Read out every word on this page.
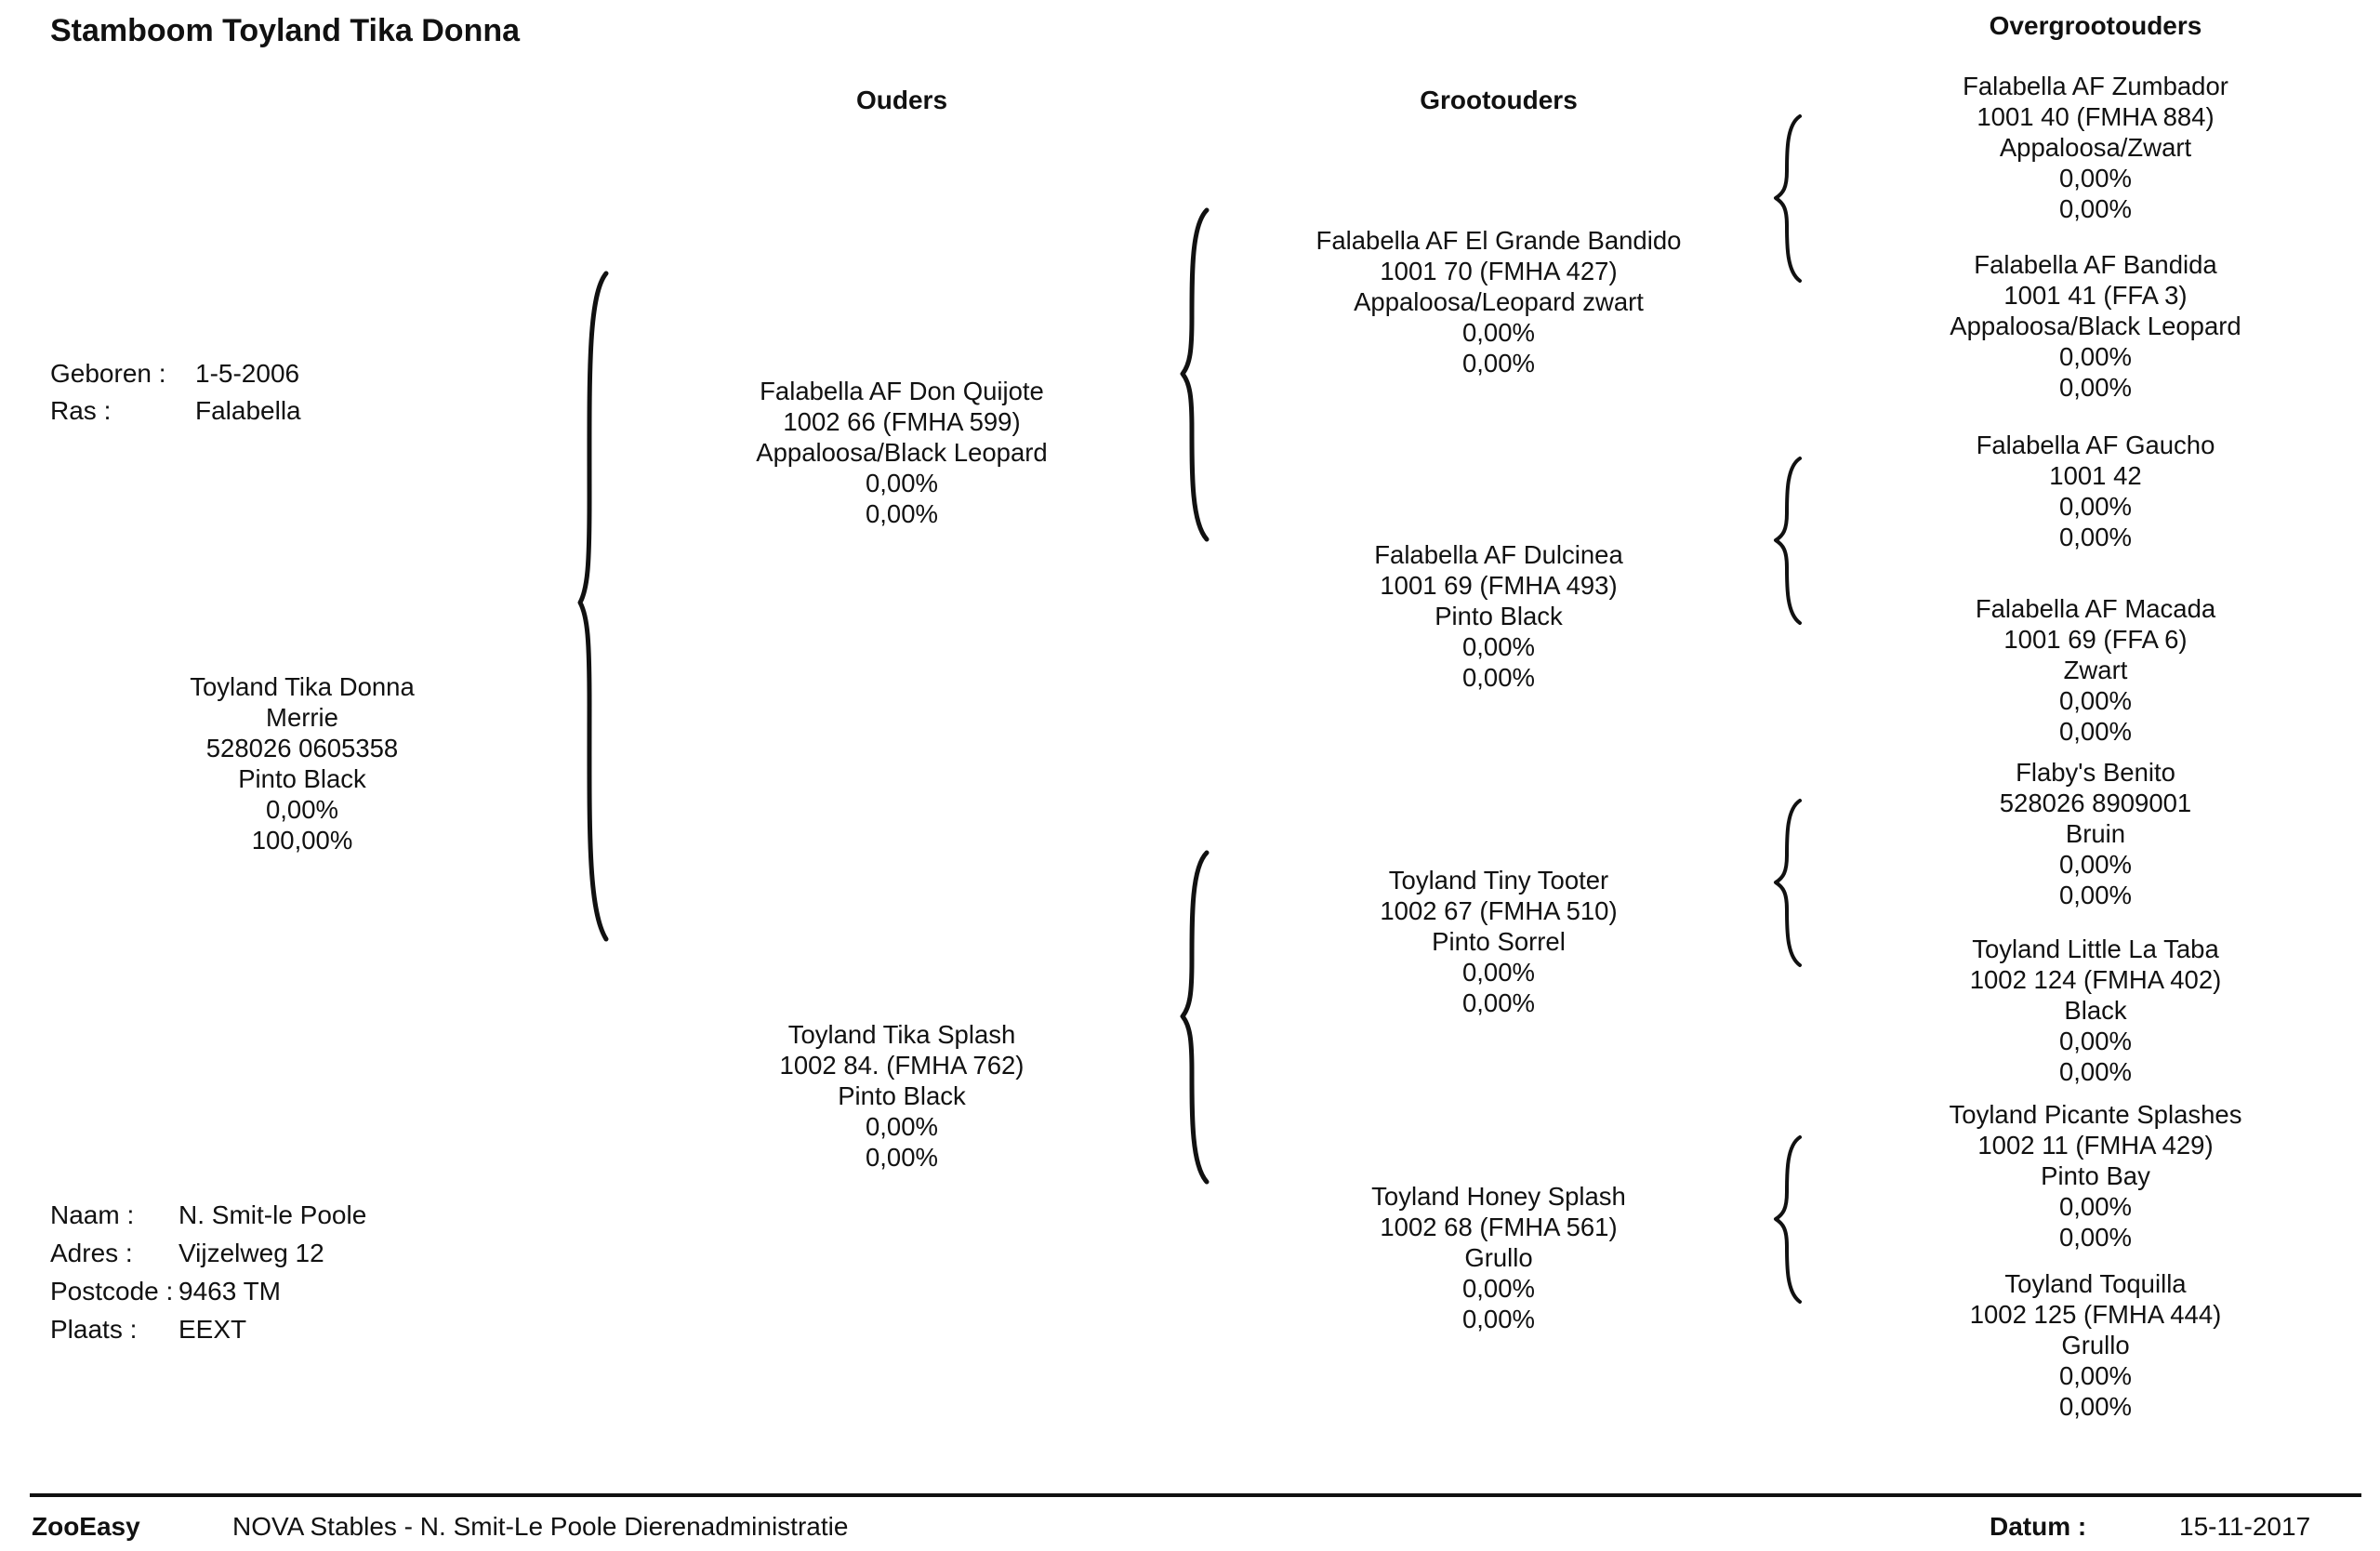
Stamboom Toyland Tika Donna
Ouders	Grootouders
Overgrootouders
Geboren : 1-5-2006
Ras :	Falabella
Toyland Tika Donna
Merrie
528026 0605358
Pinto Black
0,00%
100,00%
Naam : N. Smit-le Poole
Adres : Vijzelweg 12
Postcode : 9463 TM
Plaats : EEXT
Falabella AF Don Quijote
1002 66 (FMHA 599)
Appaloosa/Black Leopard
0,00%
0,00%
Toyland Tika Splash
1002 84. (FMHA 762)
Pinto Black
0,00%
0,00%
Falabella AF El Grande Bandido
1001 70 (FMHA 427)
Appaloosa/Leopard zwart
0,00%
0,00%
Falabella AF Dulcinea
1001 69 (FMHA 493)
Pinto Black
0,00%
0,00%
Toyland Tiny Tooter
1002 67 (FMHA 510)
Pinto Sorrel
0,00%
0,00%
Toyland Honey Splash
1002 68 (FMHA 561)
Grullo
0,00%
0,00%
Falabella AF Zumbador
1001 40 (FMHA 884)
Appaloosa/Zwart
0,00%
0,00%
Falabella AF Bandida
1001 41 (FFA 3)
Appaloosa/Black Leopard
0,00%
0,00%
Falabella AF Gaucho
1001 42
0,00%
0,00%
Falabella AF Macada
1001 69 (FFA 6)
Zwart
0,00%
0,00%
Flaby's Benito
528026 8909001
Bruin
0,00%
0,00%
Toyland Little La Taba
1002 124 (FMHA 402)
Black
0,00%
0,00%
Toyland Picante Splashes
1002 11 (FMHA 429)
Pinto Bay
0,00%
0,00%
Toyland Toquilla
1002 125 (FMHA 444)
Grullo
0,00%
0,00%
ZooEasy	NOVA Stables - N. Smit-Le Poole Dierenadministratie	Datum :	15-11-2017
